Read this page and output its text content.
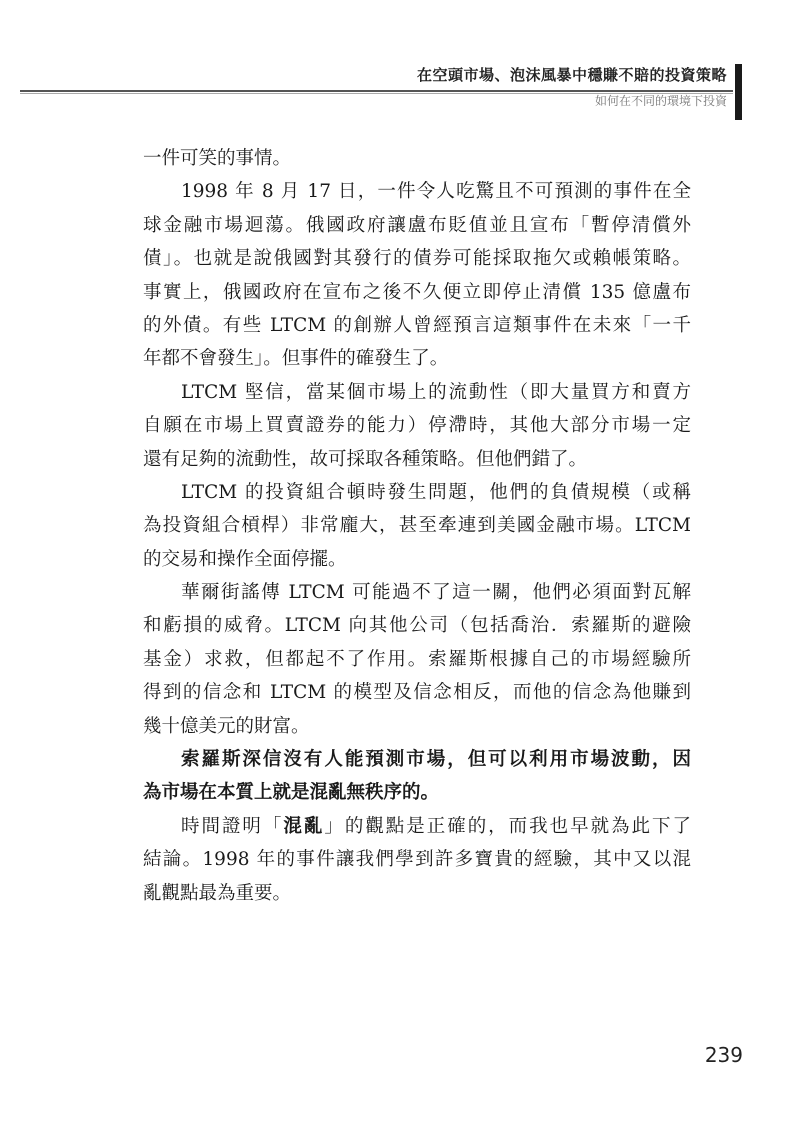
在空頭市場、泡沫風暴中穩賺不賠的投資策略
如何在不同的環境下投資
一件可笑的事情。
1998 年 8 月 17 日，一件令人吃驚且不可預測的事件在全
球金融市場迴蕩。俄國政府讓盧布貶值並且宣布「暫停清償外
債」。也就是說俄國對其發行的債券可能採取拖欠或賴帳策略。
事實上，俄國政府在宣布之後不久便立即停止清償 135 億盧布
的外債。有些 LTCM 的創辦人曾經預言這類事件在未來「一千
年都不會發生」。但事件的確發生了。
LTCM 堅信，當某個市場上的流動性（即大量買方和賣方
自願在市場上買賣證券的能力）停滯時，其他大部分市場一定
還有足夠的流動性，故可採取各種策略。但他們錯了。
LTCM 的投資組合頓時發生問題，他們的負債規模（或稱
為投資組合槓桿）非常龐大，甚至牽連到美國金融市場。LTCM
的交易和操作全面停擺。
華爾街謠傳 LTCM 可能過不了這一關，他們必須面對瓦解
和虧損的威脅。LTCM 向其他公司（包括喬治．索羅斯的避險
基金）求救，但都起不了作用。索羅斯根據自己的市場經驗所
得到的信念和 LTCM 的模型及信念相反，而他的信念為他賺到
幾十億美元的財富。
索羅斯深信沒有人能預測市場，但可以利用市場波動，因
為市場在本質上就是混亂無秩序的。
時間證明「混亂」的觀點是正確的，而我也早就為此下了
結論。1998 年的事件讓我們學到許多寶貴的經驗，其中又以混
亂觀點最為重要。
239
